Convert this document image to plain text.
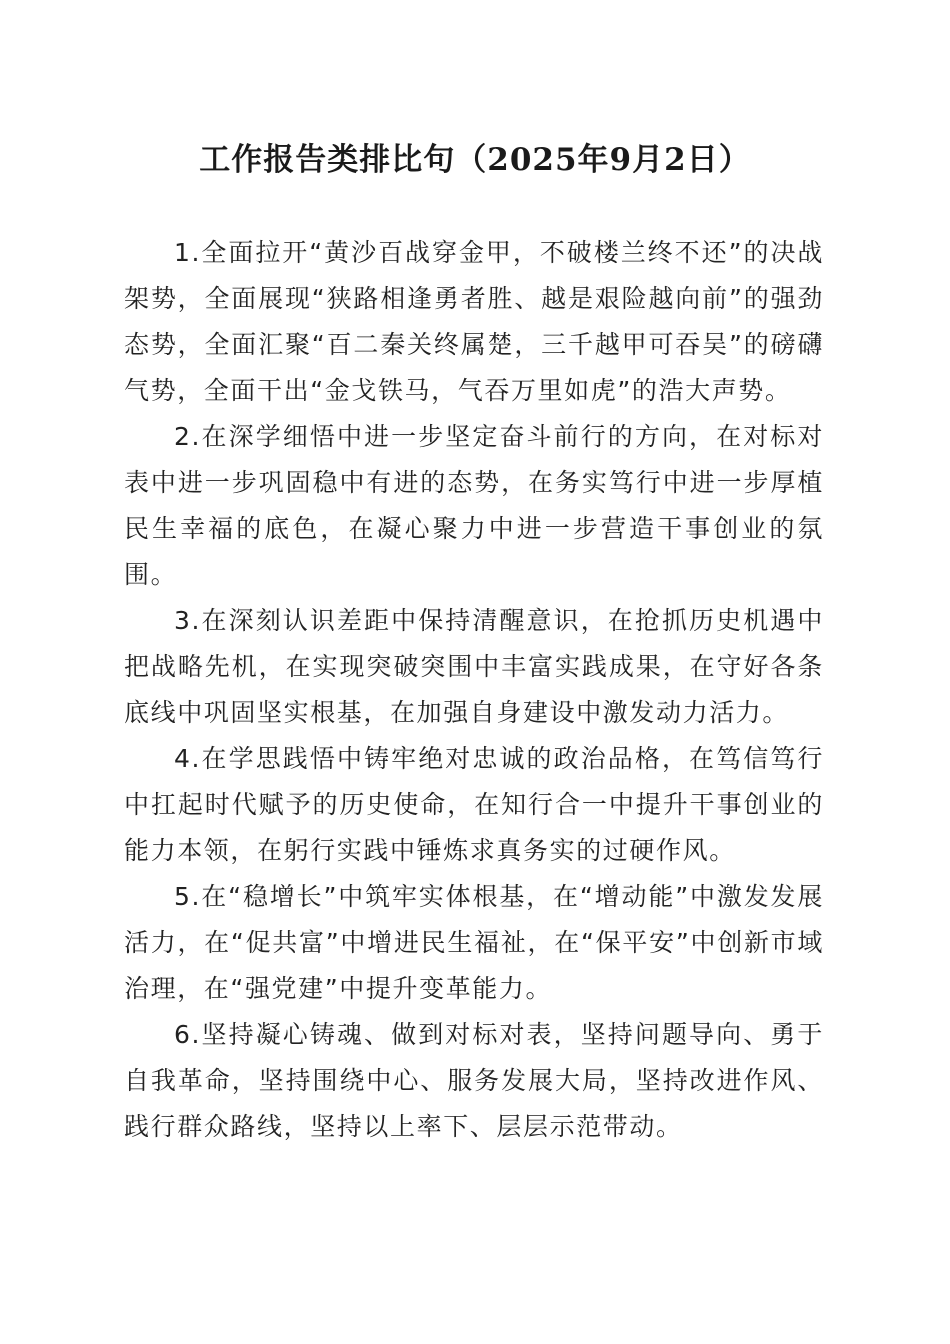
工作报告类排比句（2025年9月2日）

1.全面拉开“黄沙百战穿金甲，不破楼兰终不还”的决战架势，全面展现“狭路相逢勇者胜、越是艰险越向前”的强劲态势，全面汇聚“百二秦关终属楚，三千越甲可吞吴”的磅礴气势，全面干出“金戈铁马，气吞万里如虎”的浩大声势。

2.在深学细悟中进一步坚定奋斗前行的方向，在对标对表中进一步巩固稳中有进的态势，在务实笃行中进一步厚植民生幸福的底色，在凝心聚力中进一步营造干事创业的氛围。

3.在深刻认识差距中保持清醒意识，在抢抓历史机遇中把战略先机，在实现突破突围中丰富实践成果，在守好各条底线中巩固坚实根基，在加强自身建设中激发动力活力。

4.在学思践悟中铸牢绝对忠诚的政治品格，在笃信笃行中扛起时代赋予的历史使命，在知行合一中提升干事创业的能力本领，在躬行实践中锤炼求真务实的过硬作风。

5.在“稳增长”中筑牢实体根基，在“增动能”中激发发展活力，在“促共富”中增进民生福祉，在“保平安”中创新市域治理，在“强党建”中提升变革能力。

6.坚持凝心铸魂、做到对标对表，坚持问题导向、勇于自我革命，坚持围绕中心、服务发展大局，坚持改进作风、践行群众路线，坚持以上率下、层层示范带动。
